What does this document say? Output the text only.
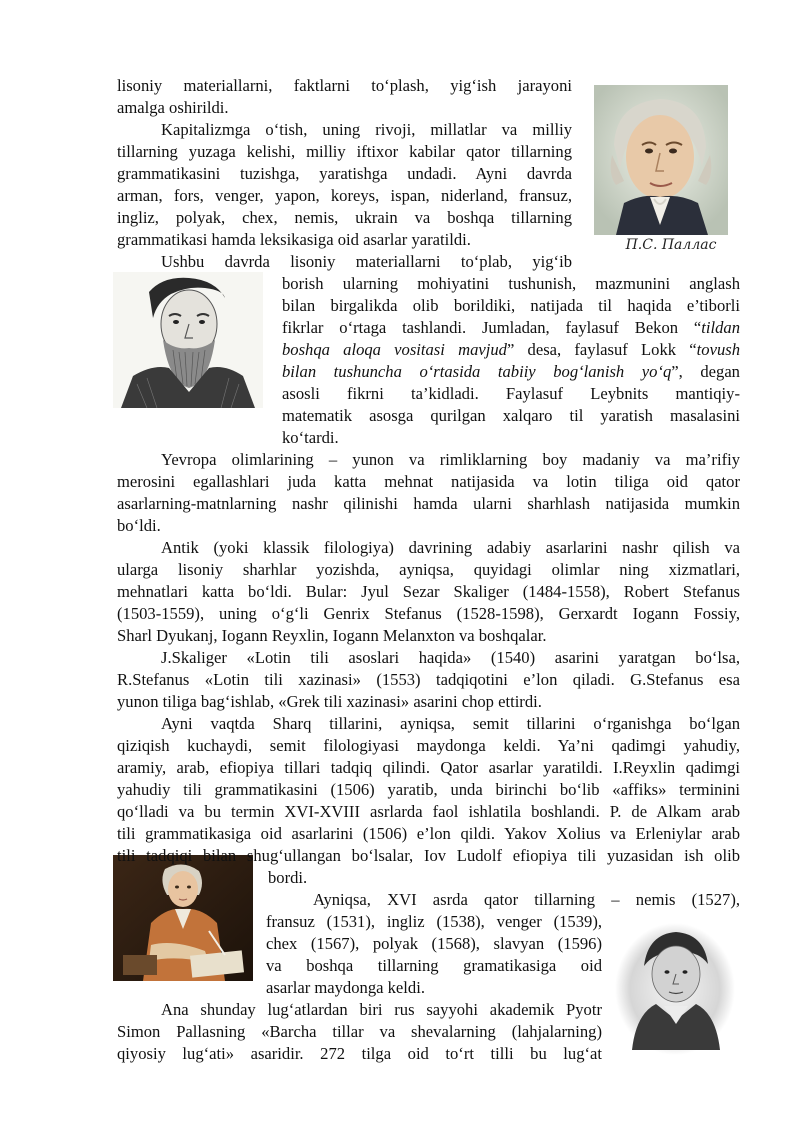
П.С. Паллас
lisoniy materiallarni, faktlarni to‘plash, yig‘ish jarayoni
amalga oshirildi.
Kapitalizmga o‘tish, uning rivoji, millatlar va milliy
tillarning yuzaga kelishi, milliy iftixor kabilar qator tillarning
grammatikasini tuzishga, yaratishga undadi. Ayni davrda
arman, fors, venger, yapon, koreys, ispan, niderland, fransuz,
ingliz, polyak, chex, nemis, ukrain va boshqa tillarning
grammatikasi hamda leksikasiga oid asarlar yaratildi.
Ushbu davrda lisoniy materiallarni to‘plab, yig‘ib
borish ularning mohiyatini tushunish, mazmunini anglash
bilan birgalikda olib borildiki, natijada til haqida e’tiborli
fikrlar o‘rtaga tashlandi. Jumladan, faylasuf Bekon “tildan
boshqa aloqa vositasi mavjud” desa, faylasuf Lokk “tovush
bilan tushuncha o‘rtasida tabiiy bog‘lanish yo‘q”, degan
asosli fikrni ta’kidladi. Faylasuf Leybnits mantiqiy-
matematik asosga qurilgan xalqaro til yaratish masalasini
ko‘tardi.
Yevropa olimlarining – yunon va rimliklarning boy madaniy va ma’rifiy
merosini egallashlari juda katta mehnat natijasida va lotin tiliga oid qator
asarlarning-matnlarning nashr qilinishi hamda ularni sharhlash natijasida mumkin
bo‘ldi.
Antik (yoki klassik filologiya) davrining adabiy asarlarini nashr qilish va
ularga lisoniy sharhlar yozishda, ayniqsa, quyidagi olimlar ning xizmatlari,
mehnatlari katta bo‘ldi. Bular: Jyul Sezar Skaliger (1484-1558), Robert Stefanus
(1503-1559), uning o‘g‘li Genrix Stefanus (1528-1598), Gerxardt Iogann Fossiy,
Sharl Dyukanj, Iogann Reyxlin, Iogann Melanxton va boshqalar.
J.Skaliger «Lotin tili asoslari haqida» (1540) asarini yaratgan bo‘lsa,
R.Stefanus «Lotin tili xazinasi» (1553) tadqiqotini e’lon qiladi. G.Stefanus esa
yunon tiliga bag‘ishlab, «Grek tili xazinasi» asarini chop ettirdi.
Ayni vaqtda Sharq tillarini, ayniqsa, semit tillarini o‘rganishga bo‘lgan
qiziqish kuchaydi, semit filologiyasi maydonga keldi. Ya’ni qadimgi yahudiy,
aramiy, arab, efiopiya tillari tadqiq qilindi. Qator asarlar yaratildi. I.Reyxlin qadimgi
yahudiy tili grammatikasini (1506) yaratib, unda birinchi bo‘lib «affiks» terminini
qo‘lladi va bu termin XVI-XVIII asrlarda faol ishlatila boshlandi. P. de Alkam arab
tili grammatikasiga oid asarlarini (1506) e’lon qildi. Yakov Xolius va Erleniylar arab
tili tadqiqi bilan shug‘ullangan bo‘lsalar, Iov Ludolf efiopiya tili yuzasidan ish olib
bordi.
Ayniqsa, XVI asrda qator tillarning – nemis (1527),
fransuz (1531), ingliz (1538), venger (1539),
chex (1567), polyak (1568), slavyan (1596)
va boshqa tillarning gramatikasiga oid
asarlar maydonga keldi.
Ana shunday lug‘atlardan biri rus sayyohi akademik Pyotr
Simon Pallasning «Barcha tillar va shevalarning (lahjalarning)
qiyosiy lug‘ati» asaridir. 272 tilga oid to‘rt tilli bu lug‘at
